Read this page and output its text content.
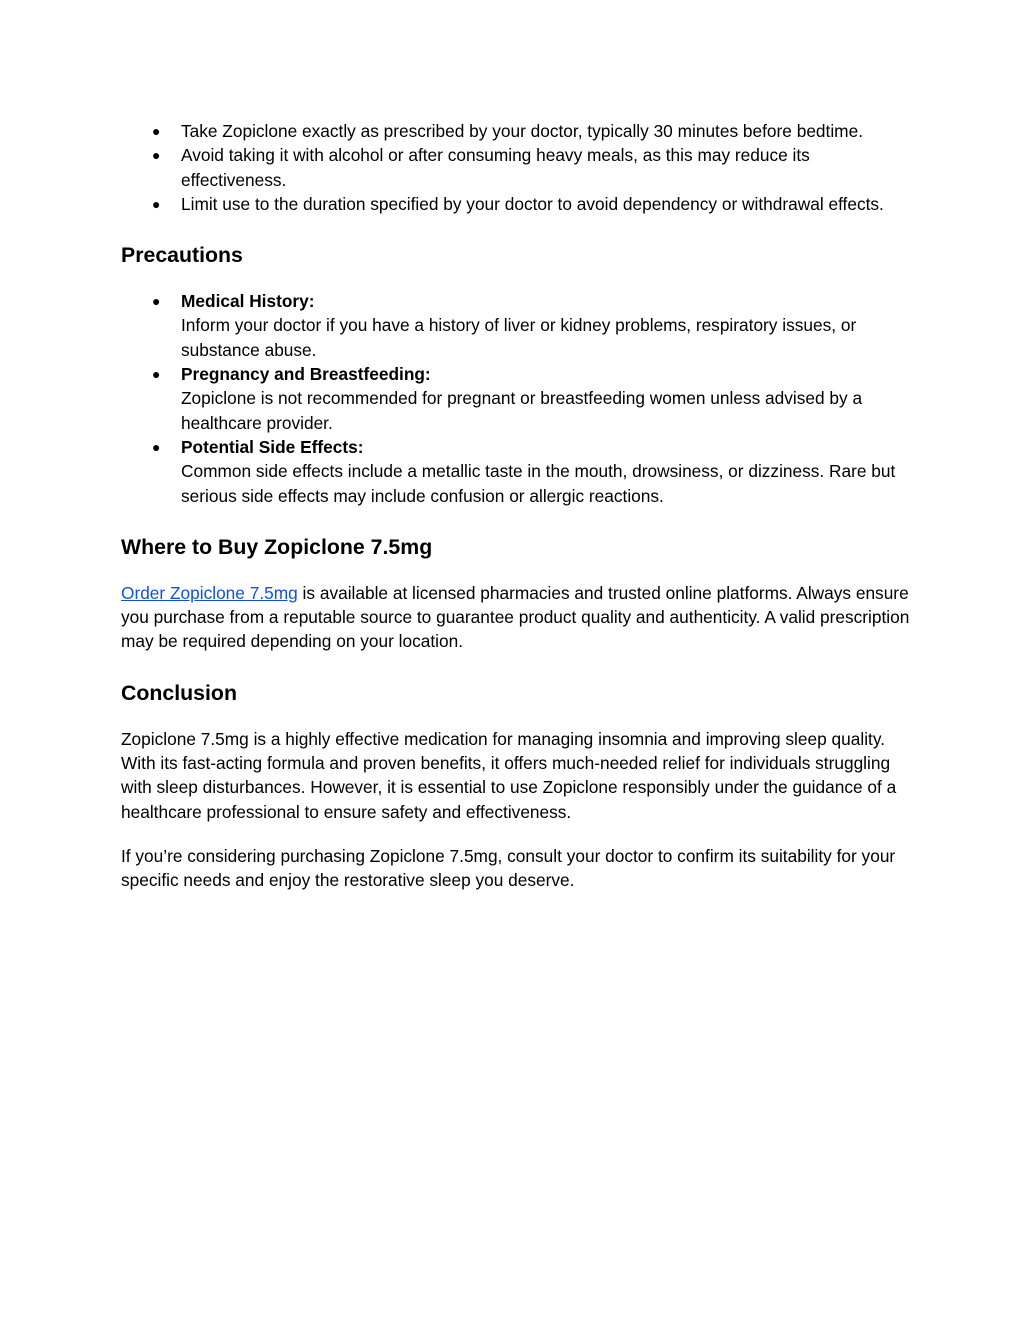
● Take Zopiclone exactly as prescribed by your doctor, typically 30 minutes before bedtime.
● Avoid taking it with alcohol or after consuming heavy meals, as this may reduce its effectiveness.
● Limit use to the duration specified by your doctor to avoid dependency or withdrawal effects.
Precautions
● Medical History:
Inform your doctor if you have a history of liver or kidney problems, respiratory issues, or substance abuse.
● Pregnancy and Breastfeeding:
Zopiclone is not recommended for pregnant or breastfeeding women unless advised by a healthcare provider.
● Potential Side Effects:
Common side effects include a metallic taste in the mouth, drowsiness, or dizziness. Rare but serious side effects may include confusion or allergic reactions.
Where to Buy Zopiclone 7.5mg

Order Zopiclone 7.5mg is available at licensed pharmacies and trusted online platforms. Always ensure you purchase from a reputable source to guarantee product quality and authenticity. A valid prescription may be required depending on your location.

Conclusion

Zopiclone 7.5mg is a highly effective medication for managing insomnia and improving sleep quality. With its fast-acting formula and proven benefits, it offers much-needed relief for individuals struggling with sleep disturbances. However, it is essential to use Zopiclone responsibly under the guidance of a healthcare professional to ensure safety and effectiveness.

If you’re considering purchasing Zopiclone 7.5mg, consult your doctor to confirm its suitability for your specific needs and enjoy the restorative sleep you deserve.
